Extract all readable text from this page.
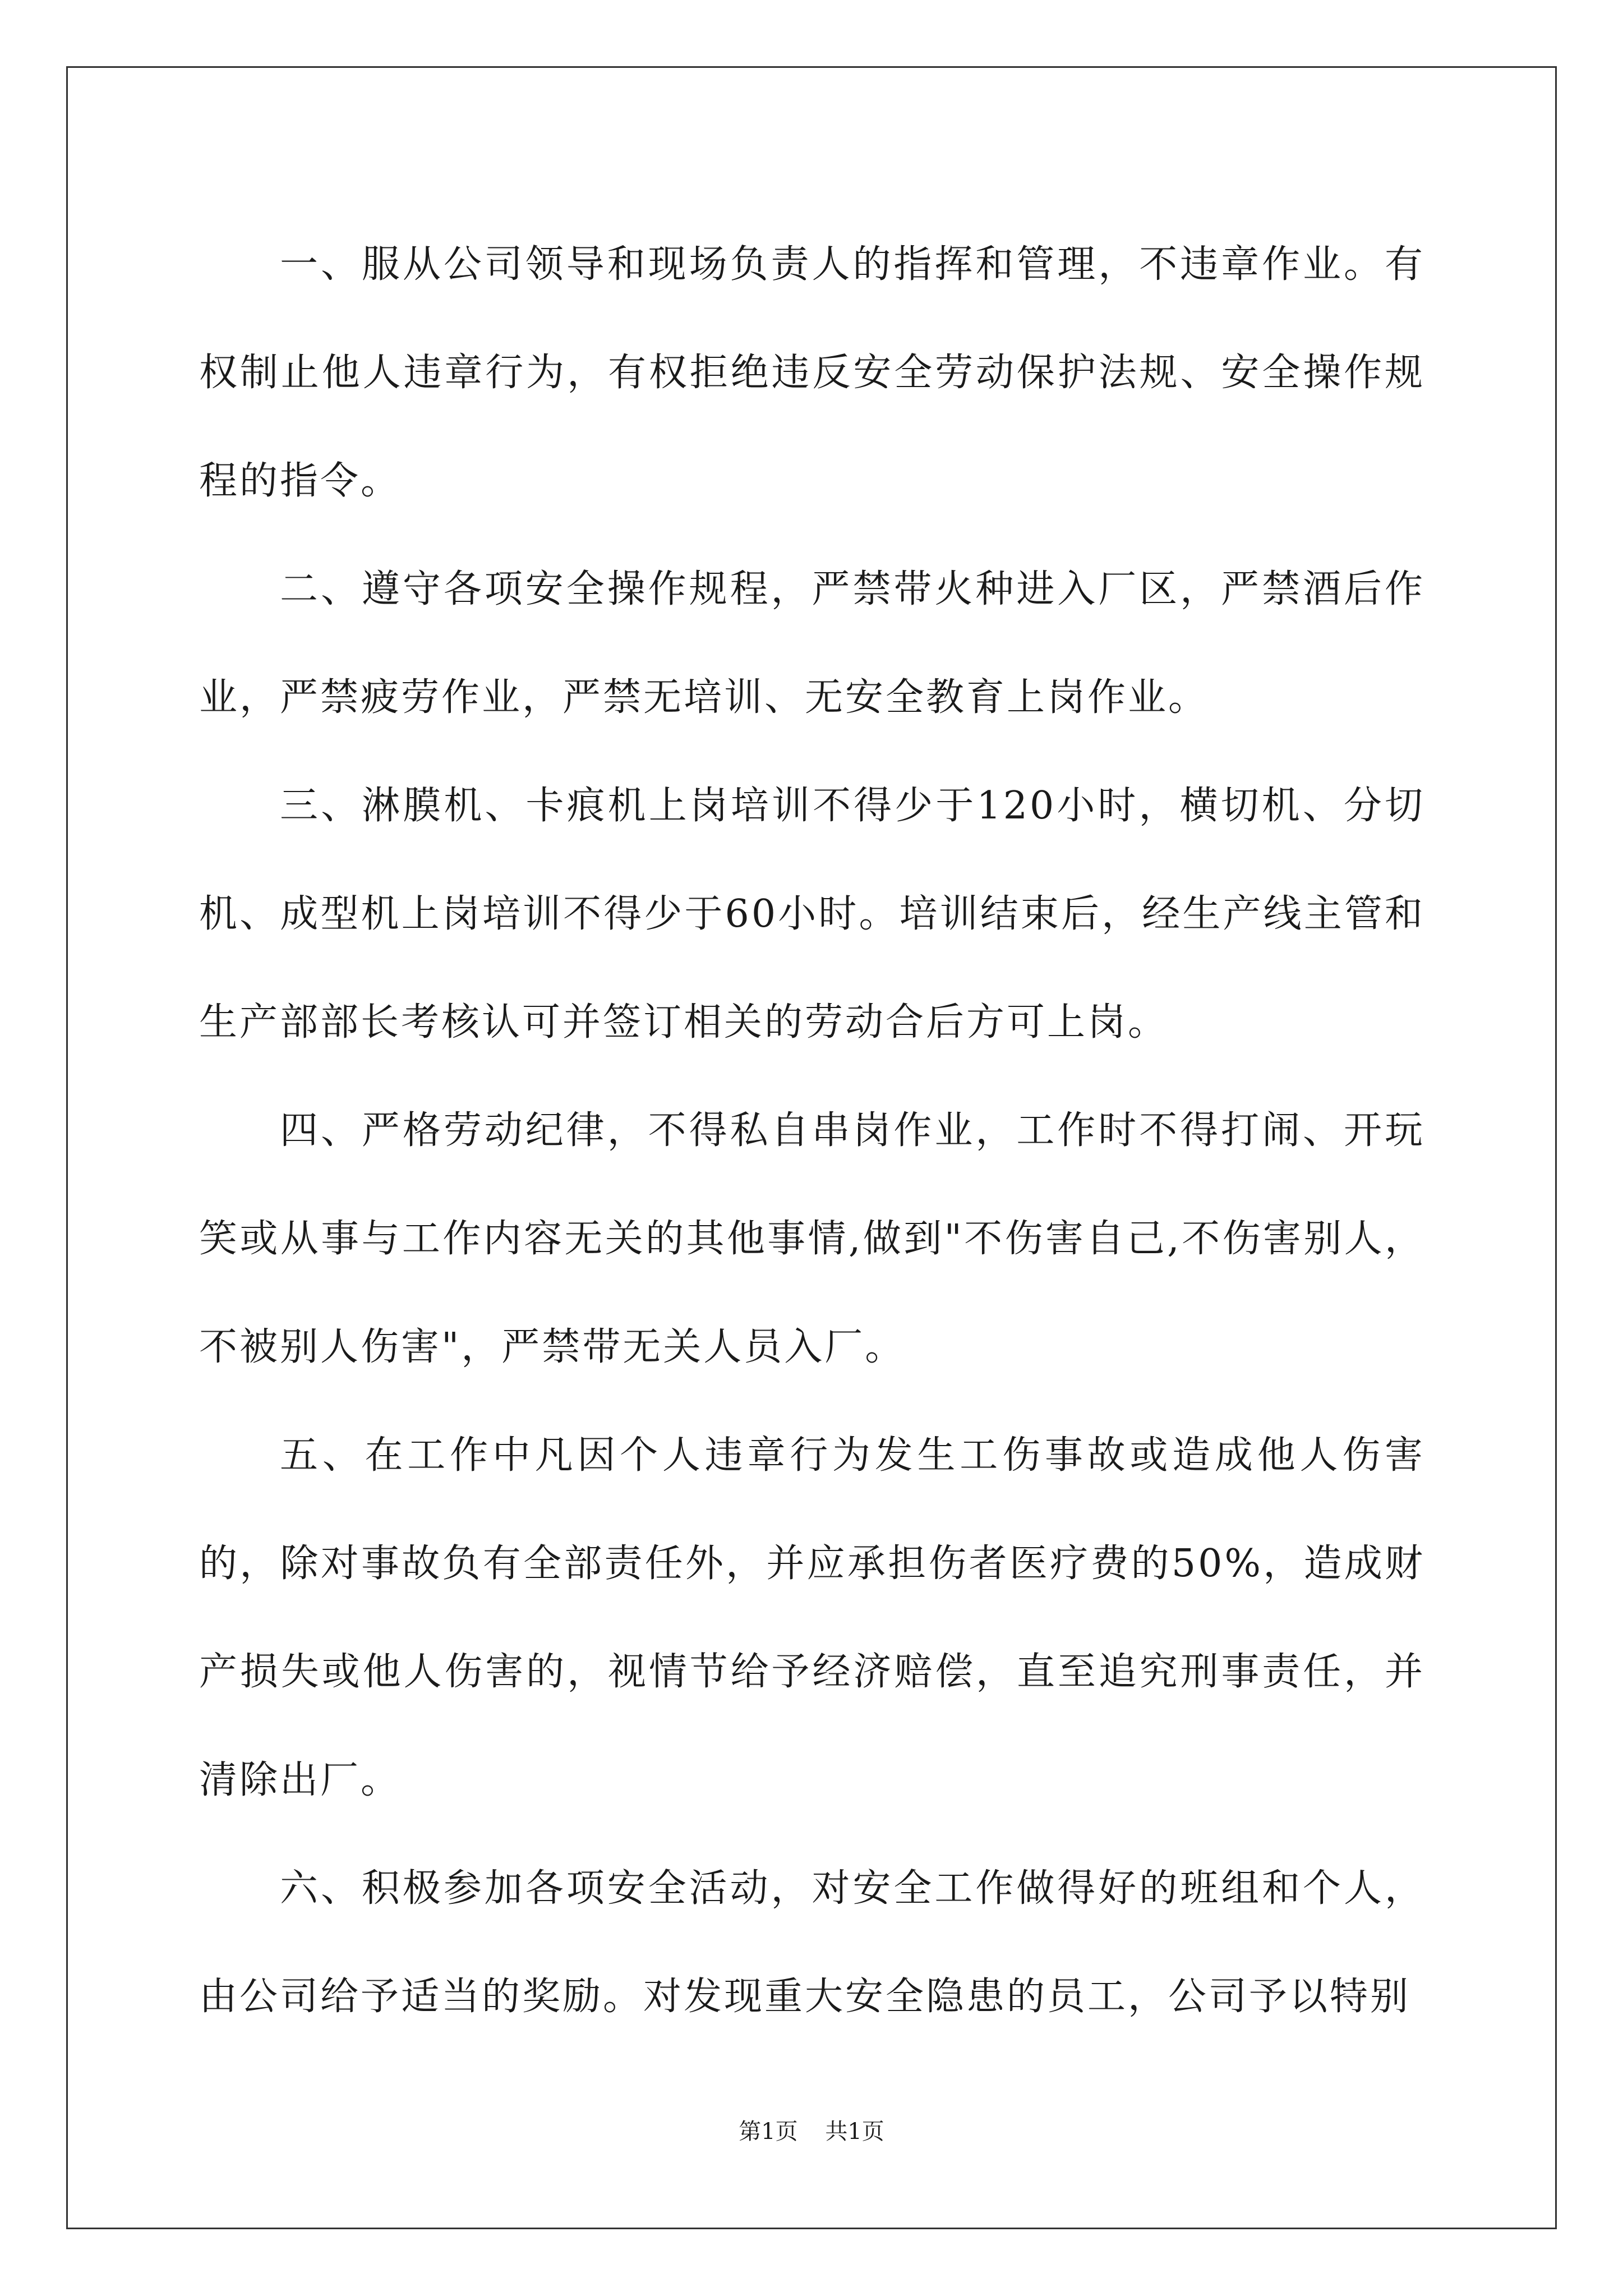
一、服从公司领导和现场负责人的指挥和管理，不违章作业。有权制止他人违章行为，有权拒绝违反安全劳动保护法规、安全操作规程的指令。

二、遵守各项安全操作规程，严禁带火种进入厂区，严禁酒后作业，严禁疲劳作业，严禁无培训、无安全教育上岗作业。

三、淋膜机、卡痕机上岗培训不得少于120小时，横切机、分切机、成型机上岗培训不得少于60小时。培训结束后，经生产线主管和生产部部长考核认可并签订相关的劳动合后方可上岗。

四、严格劳动纪律，不得私自串岗作业，工作时不得打闹、开玩笑或从事与工作内容无关的其他事情,做到"不伤害自己,不伤害别人，不被别人伤害"，严禁带无关人员入厂。

五、在工作中凡因个人违章行为发生工伤事故或造成他人伤害的，除对事故负有全部责任外，并应承担伤者医疗费的50%，造成财产损失或他人伤害的，视情节给予经济赔偿，直至追究刑事责任，并清除出厂。

六、积极参加各项安全活动，对安全工作做得好的班组和个人，由公司给予适当的奖励。对发现重大安全隐患的员工，公司予以特别

第1页 共1页
